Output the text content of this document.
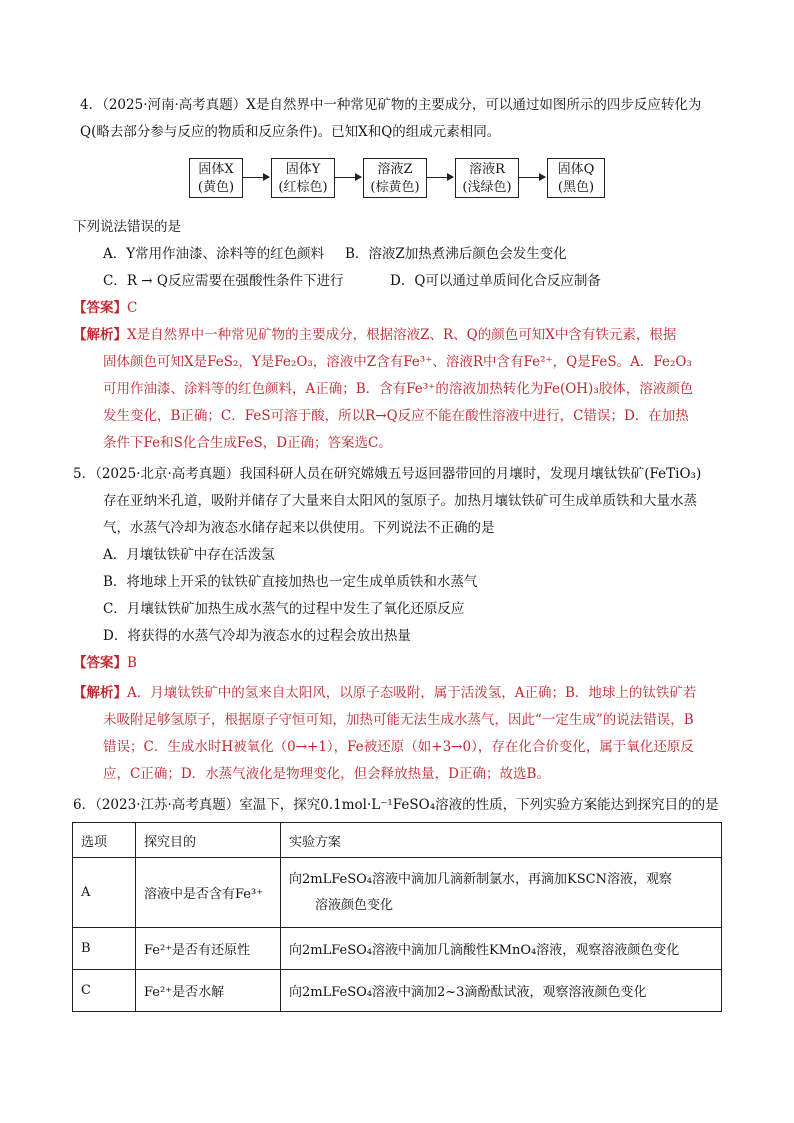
4．（2025·河南·高考真题）X是自然界中一种常见矿物的主要成分，可以通过如图所示的四步反应转化为
Q(略去部分参与反应的物质和反应条件)。已知X和Q的组成元素相同。
固体X
(黄色)
固体Y
(红棕色)
溶液Z
(棕黄色)
溶液R
(浅绿色)
固体Q
(黑色)
下列说法错误的是
A．Y常用作油漆、涂料等的红色颜料 B．溶液Z加热煮沸后颜色会发生变化
C．R → Q反应需要在强酸性条件下进行	D．Q可以通过单质间化合反应制备
【答案】C
【解析】X是自然界中一种常见矿物的主要成分，根据溶液Z、R、Q的颜色可知X中含有铁元素，根据
固体颜色可知X是FeS₂，Y是Fe₂O₃，溶液中Z含有Fe³⁺、溶液R中含有Fe²⁺，Q是FeS。A．Fe₂O₃
可用作油漆、涂料等的红色颜料，A正确；B．含有Fe³⁺的溶液加热转化为Fe(OH)₃胶体，溶液颜色
发生变化，B正确；C．FeS可溶于酸，所以R→Q反应不能在酸性溶液中进行，C错误；D．在加热
条件下Fe和S化合生成FeS，D正确；答案选C。
5．（2025·北京·高考真题）我国科研人员在研究嫦娥五号返回器带回的月壤时，发现月壤钛铁矿(FeTiO₃)
存在亚纳米孔道，吸附并储存了大量来自太阳风的氢原子。加热月壤钛铁矿可生成单质铁和大量水蒸
气，水蒸气冷却为液态水储存起来以供使用。下列说法不正确的是
A．月壤钛铁矿中存在活泼氢
B．将地球上开采的钛铁矿直接加热也一定生成单质铁和水蒸气
C．月壤钛铁矿加热生成水蒸气的过程中发生了氧化还原反应
D．将获得的水蒸气冷却为液态水的过程会放出热量
【答案】B
【解析】A．月壤钛铁矿中的氢来自太阳风，以原子态吸附，属于活泼氢，A正确；B．地球上的钛铁矿若
未吸附足够氢原子，根据原子守恒可知，加热可能无法生成水蒸气，因此“一定生成”的说法错误，B
错误；C．生成水时H被氧化（0→+1），Fe被还原（如+3→0），存在化合价变化，属于氧化还原反
应，C正确；D．水蒸气液化是物理变化，但会释放热量，D正确；故选B。
6．（2023·江苏·高考真题）室温下，探究0.1mol·L⁻¹FeSO₄溶液的性质，下列实验方案能达到探究目的的是
选项	探究目的	实验方案
A	溶液中是否含有Fe³⁺	向2mLFeSO₄溶液中滴加几滴新制氯水，再滴加KSCN溶液，观察
溶液颜色变化

B	Fe²⁺是否有还原性	向2mLFeSO₄溶液中滴加几滴酸性KMnO₄溶液，观察溶液颜色变化
C	Fe²⁺是否水解	向2mLFeSO₄溶液中滴加2~3滴酚酞试液，观察溶液颜色变化
